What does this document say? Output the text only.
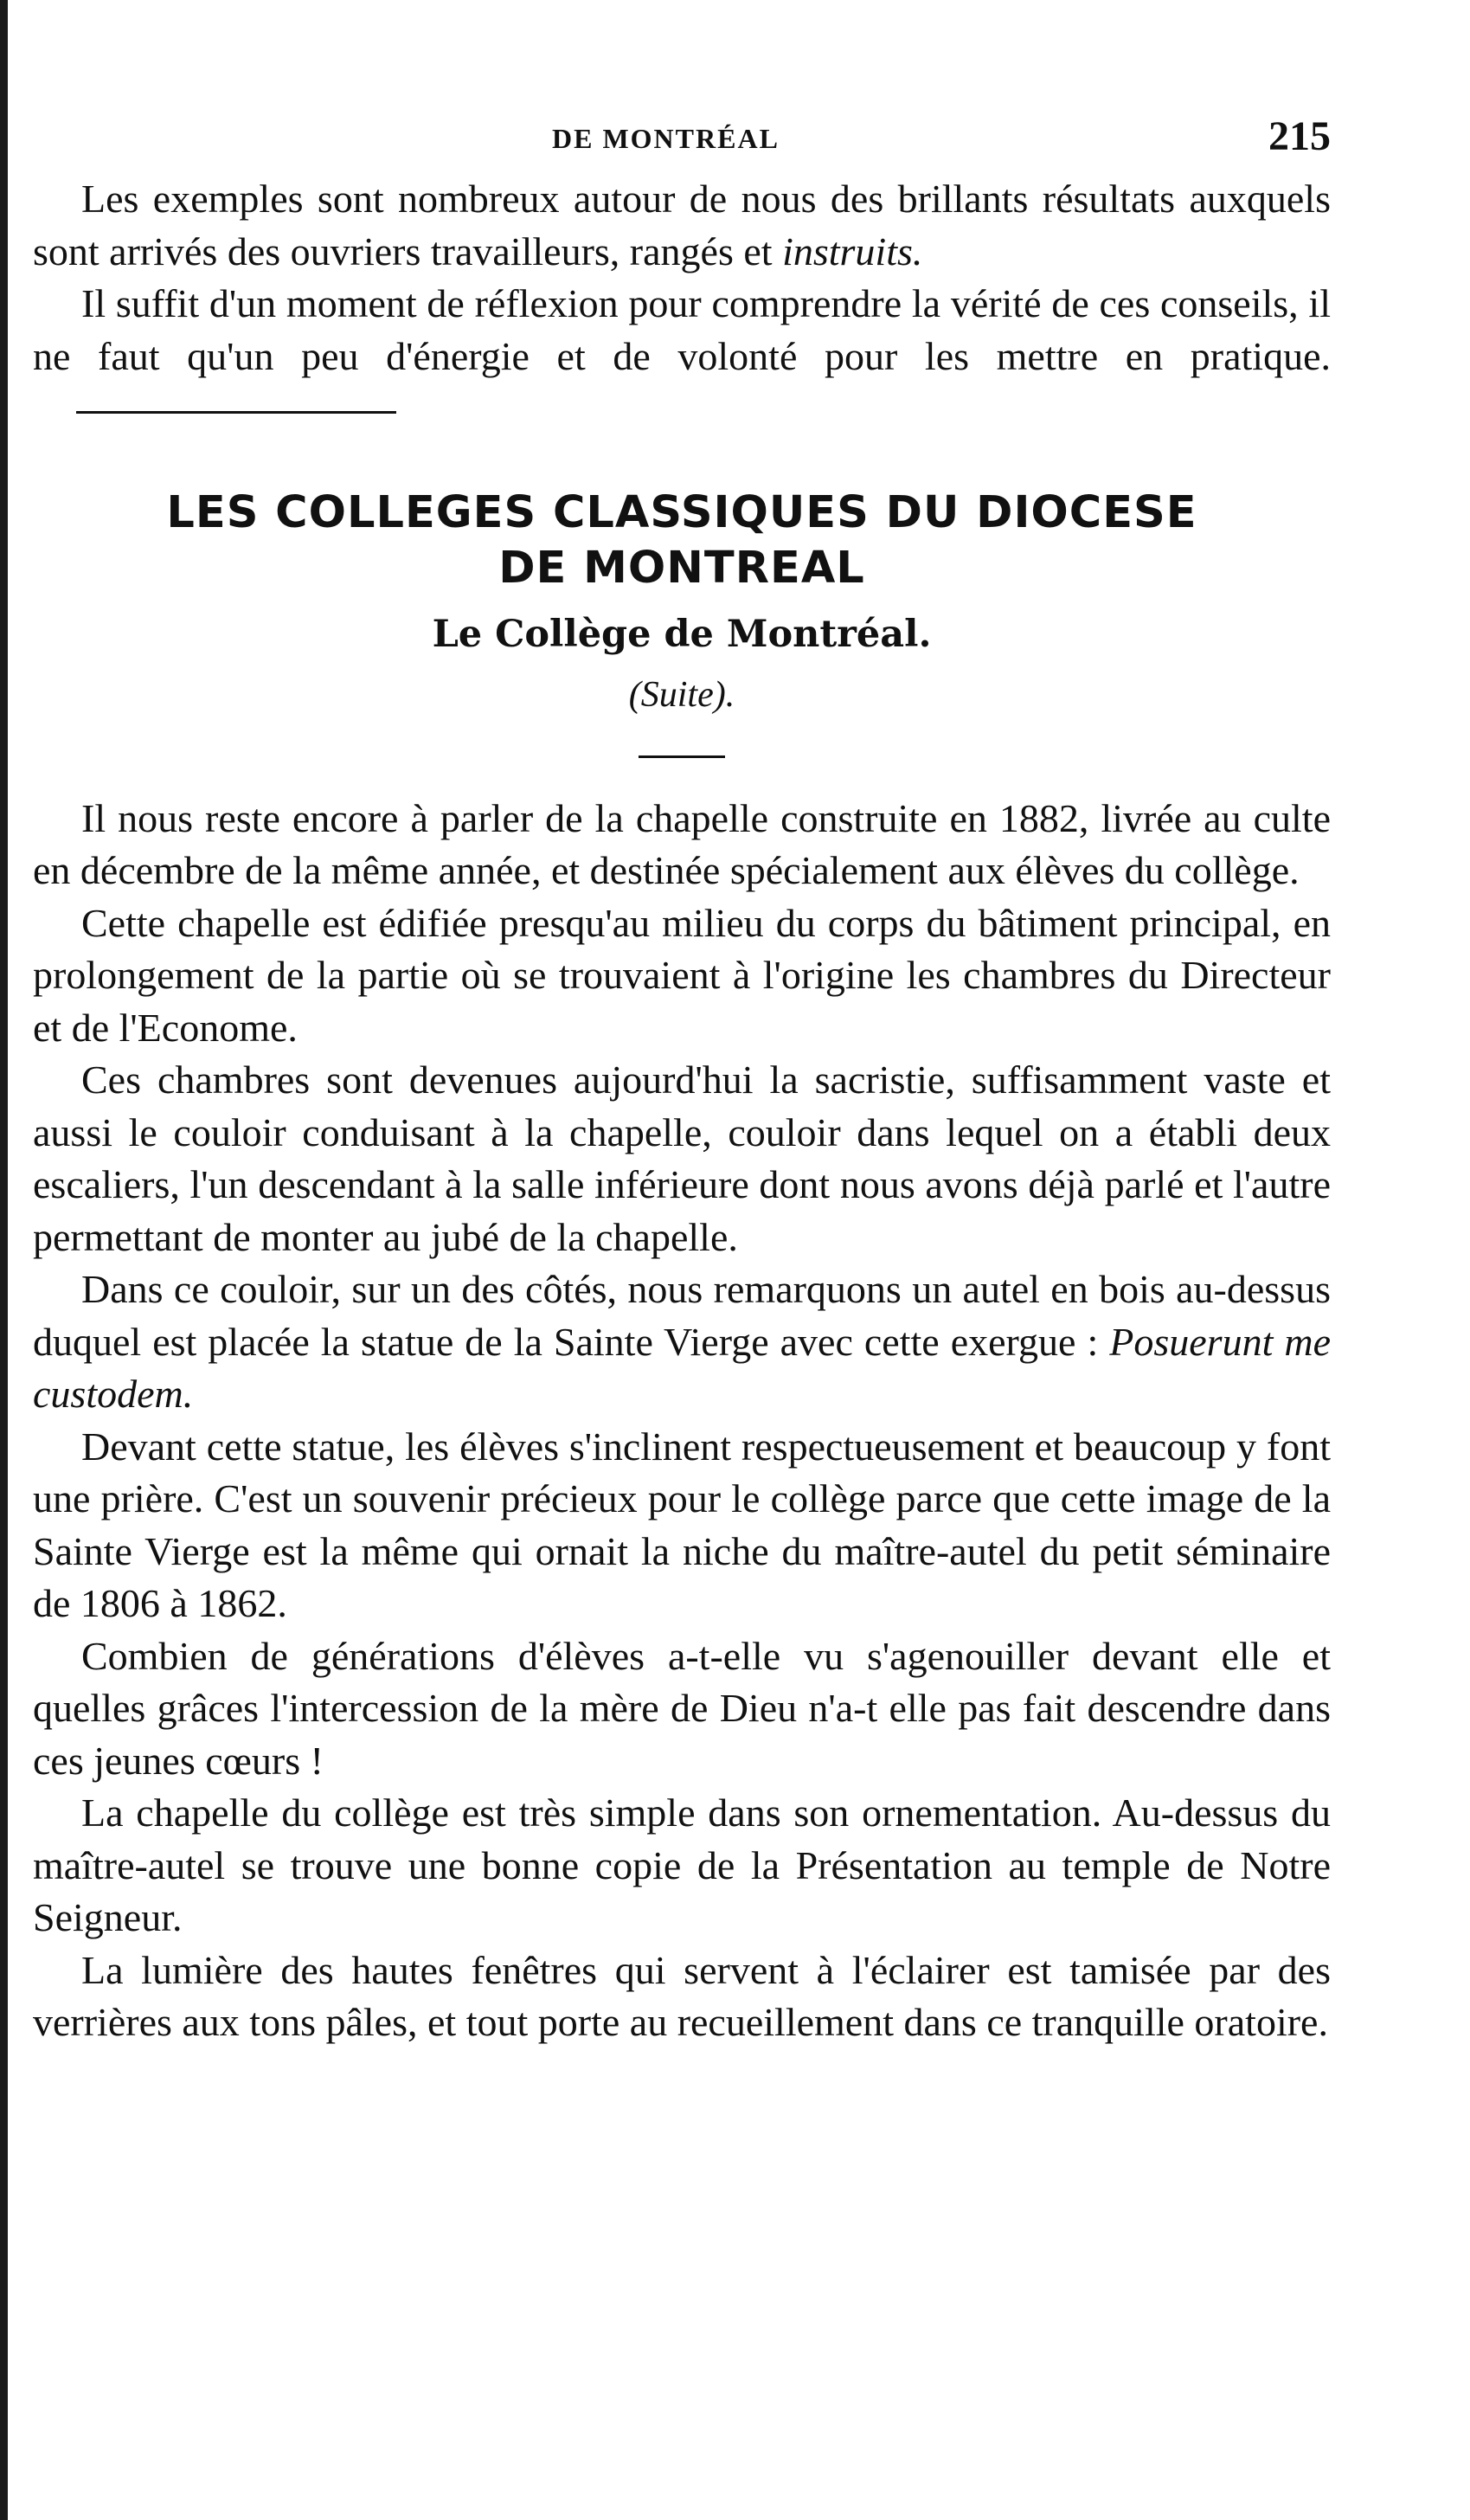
DE MONTRÉAL	215

Les exemples sont nombreux autour de nous des brillants résultats auxquels sont arrivés des ouvriers travailleurs, rangés et instruits.

Il suffit d'un moment de réflexion pour comprendre la vérité de ces conseils, il ne faut qu'un peu d'énergie et de volonté pour les mettre en pratique.

LES COLLEGES CLASSIQUES DU DIOCESE
DE MONTREAL
Le Collège de Montréal.
(Suite).

Il nous reste encore à parler de la chapelle construite en 1882, livrée au culte en décembre de la même année, et destinée spécialement aux élèves du collège.

Cette chapelle est édifiée presqu'au milieu du corps du bâtiment principal, en prolongement de la partie où se trouvaient à l'origine les chambres du Directeur et de l'Econome.

Ces chambres sont devenues aujourd'hui la sacristie, suffisamment vaste et aussi le couloir conduisant à la chapelle, couloir dans lequel on a établi deux escaliers, l'un descendant à la salle inférieure dont nous avons déjà parlé et l'autre permettant de monter au jubé de la chapelle.

Dans ce couloir, sur un des côtés, nous remarquons un autel en bois au-dessus duquel est placée la statue de la Sainte Vierge avec cette exergue : Posuerunt me custodem.

Devant cette statue, les élèves s'inclinent respectueusement et beaucoup y font une prière. C'est un souvenir précieux pour le collège parce que cette image de la Sainte Vierge est la même qui ornait la niche du maître-autel du petit séminaire de 1806 à 1862.

Combien de générations d'élèves a-t-elle vu s'agenouiller devant elle et quelles grâces l'intercession de la mère de Dieu n'a-t elle pas fait descendre dans ces jeunes cœurs !

La chapelle du collège est très simple dans son ornementation. Au-dessus du maître-autel se trouve une bonne copie de la Présentation au temple de Notre Seigneur.

La lumière des hautes fenêtres qui servent à l'éclairer est tamisée par des verrières aux tons pâles, et tout porte au recueillement dans ce tranquille oratoire.
